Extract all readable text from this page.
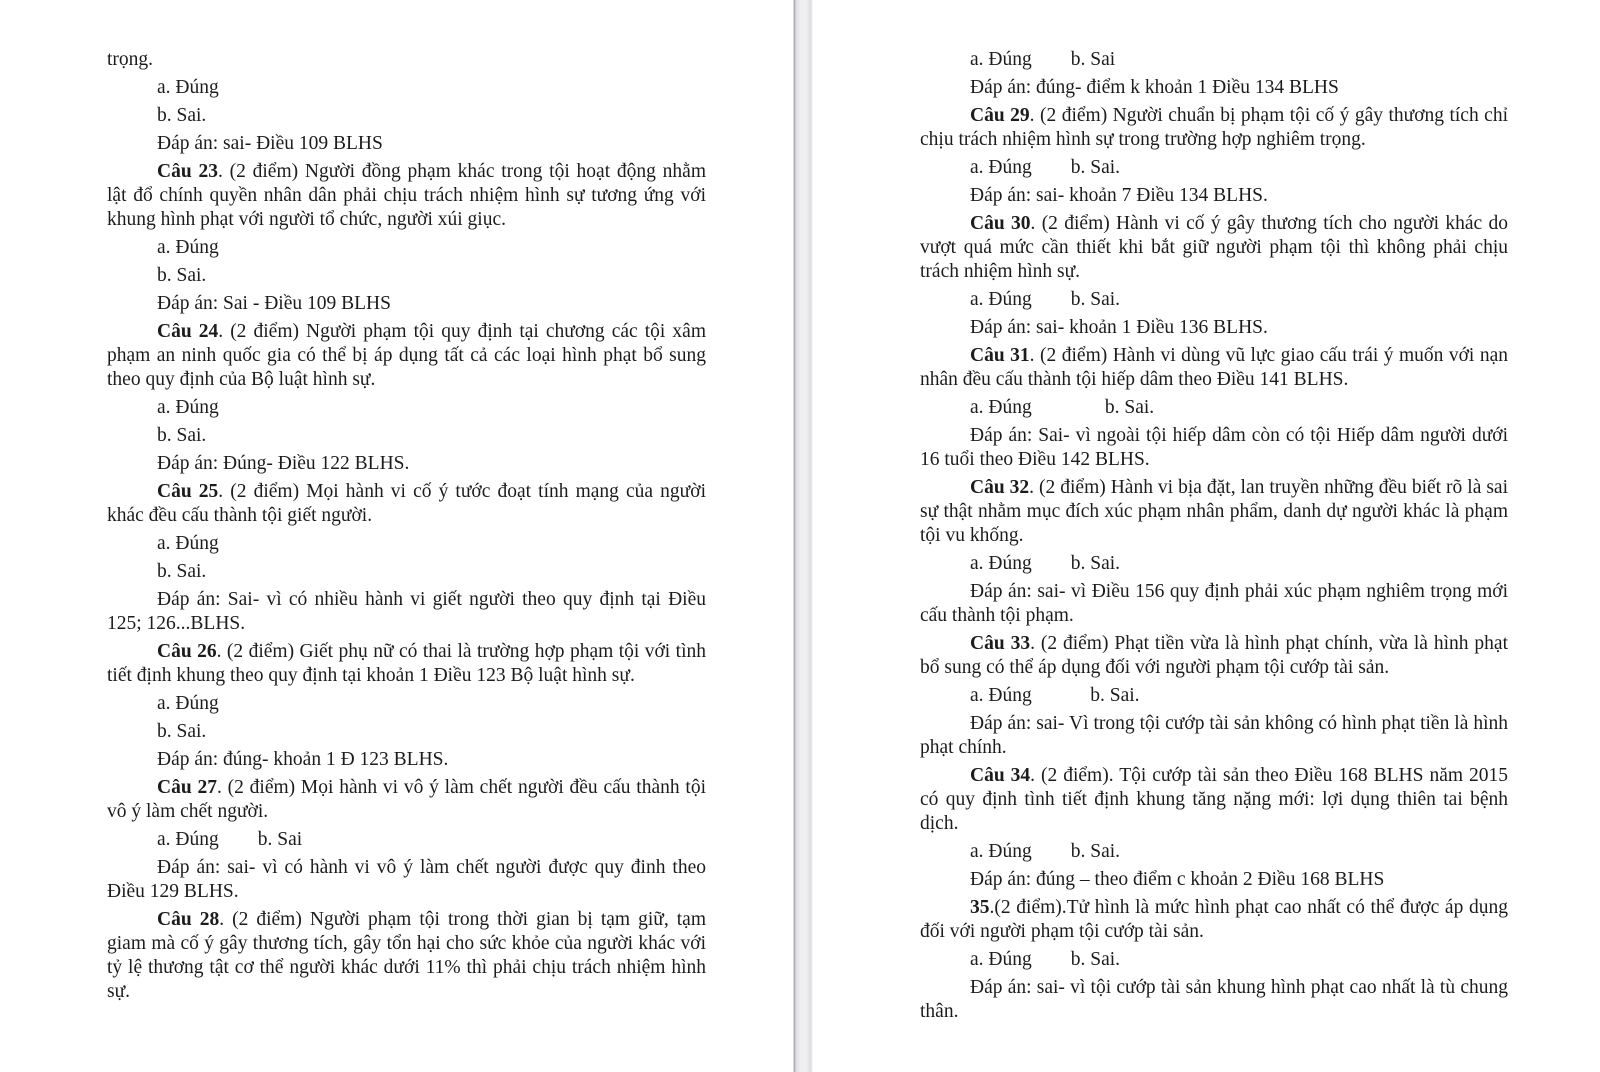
trọng.

a. Đúng

b. Sai.

Đáp án: sai- Điều 109 BLHS

Câu 23. (2 điểm) Người đồng phạm khác trong tội hoạt động nhằm lật đổ chính quyền nhân dân phải chịu trách nhiệm hình sự tương ứng với khung hình phạt với người tổ chức, người xúi giục.

a. Đúng

b. Sai.

Đáp án: Sai - Điều 109 BLHS

Câu 24. (2 điểm) Người phạm tội quy định tại chương các tội xâm phạm an ninh quốc gia có thể bị áp dụng tất cả các loại hình phạt bổ sung theo quy định của Bộ luật hình sự.

a. Đúng

b. Sai.

Đáp án: Đúng- Điều 122 BLHS.

Câu 25. (2 điểm) Mọi hành vi cố ý tước đoạt tính mạng của người khác đều cấu thành tội giết người.

a. Đúng

b. Sai.

Đáp án: Sai- vì có nhiều hành vi giết người theo quy định tại Điều 125; 126...BLHS.

Câu 26. (2 điểm) Giết phụ nữ có thai là trường hợp phạm tội với tình tiết định khung theo quy định tại khoản 1 Điều 123 Bộ luật hình sự.

a. Đúng

b. Sai.

Đáp án: đúng- khoản 1 Đ 123 BLHS.

Câu 27. (2 điểm) Mọi hành vi vô ý làm chết người đều cấu thành tội vô ý làm chết người.

a. Đúng        b. Sai

Đáp án: sai- vì có hành vi vô ý làm chết người được quy đinh theo Điều 129 BLHS.

Câu 28. (2 điểm) Người phạm tội trong thời gian bị tạm giữ, tạm giam mà cố ý gây thương tích, gây tổn hại cho sức khỏe của người khác với tỷ lệ thương tật cơ thể người khác dưới 11% thì phải chịu trách nhiệm hình sự.

a. Đúng        b. Sai

Đáp án: đúng- điểm k khoản 1 Điều 134 BLHS

Câu 29. (2 điểm) Người chuẩn bị phạm tội cố ý gây thương tích chỉ chịu trách nhiệm hình sự trong trường hợp nghiêm trọng.

a. Đúng        b. Sai.

Đáp án: sai- khoản 7 Điều 134 BLHS.

Câu 30. (2 điểm) Hành vi cố ý gây thương tích cho người khác do vượt quá mức cần thiết khi bắt giữ người phạm tội thì không phải chịu trách nhiệm hình sự.

a. Đúng        b. Sai.

Đáp án: sai- khoản 1 Điều 136 BLHS.

Câu 31. (2 điểm) Hành vi dùng vũ lực giao cấu trái ý muốn với nạn nhân đều cấu thành tội hiếp dâm theo Điều 141 BLHS.

a. Đúng               b. Sai.

Đáp án: Sai- vì ngoài tội hiếp dâm còn có tội Hiếp dâm người dưới 16 tuổi theo Điều 142 BLHS.

Câu 32. (2 điểm) Hành vi bịa đặt, lan truyền những đều biết rõ là sai sự thật nhằm mục đích xúc phạm nhân phẩm, danh dự người khác là phạm tội vu khống.

a. Đúng        b. Sai.

Đáp án: sai- vì Điều 156 quy định phải xúc phạm nghiêm trọng mới cấu thành tội phạm.

Câu 33. (2 điểm) Phạt tiền vừa là hình phạt chính, vừa là hình phạt bổ sung có thể áp dụng đối với người phạm tội cướp tài sản.

a. Đúng            b. Sai.

Đáp án: sai- Vì trong tội cướp tài sản không có hình phạt tiền là hình phạt chính.

Câu 34. (2 điểm). Tội cướp tài sản theo Điều 168 BLHS năm 2015 có quy định tình tiết định khung tăng nặng mới: lợi dụng thiên tai bệnh dịch.

a. Đúng        b. Sai.

Đáp án: đúng – theo điểm c khoản 2 Điều 168 BLHS

35.(2 điểm).Tử hình là mức hình phạt cao nhất có thể được áp dụng đối với người phạm tội cướp tài sản.

a. Đúng        b. Sai.

Đáp án: sai- vì tội cướp tài sản khung hình phạt cao nhất là tù chung thân.
